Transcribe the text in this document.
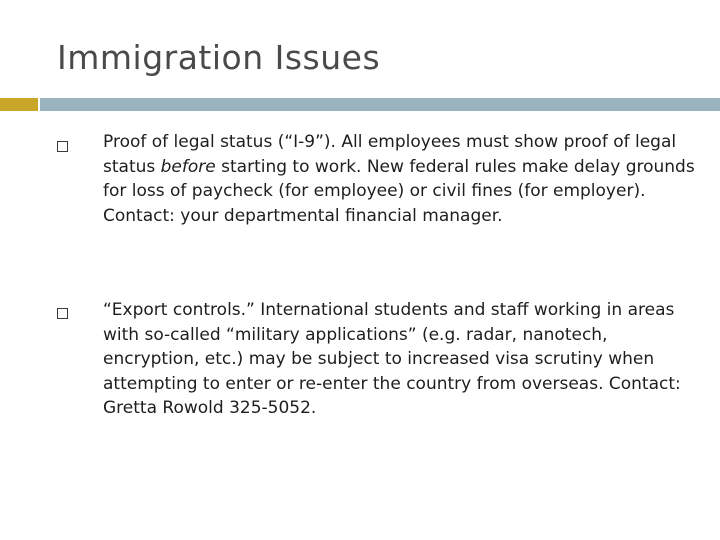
Immigration Issues

Proof of legal status (“I-9”). All employees must show proof of legal status before starting to work. New federal rules make delay grounds for loss of paycheck (for employee) or civil fines (for employer). Contact: your departmental financial manager.

“Export controls.” International students and staff working in areas with so-called “military applications” (e.g. radar, nanotech, encryption, etc.) may be subject to increased visa scrutiny when attempting to enter or re-enter the country from overseas. Contact: Gretta Rowold 325-5052.
